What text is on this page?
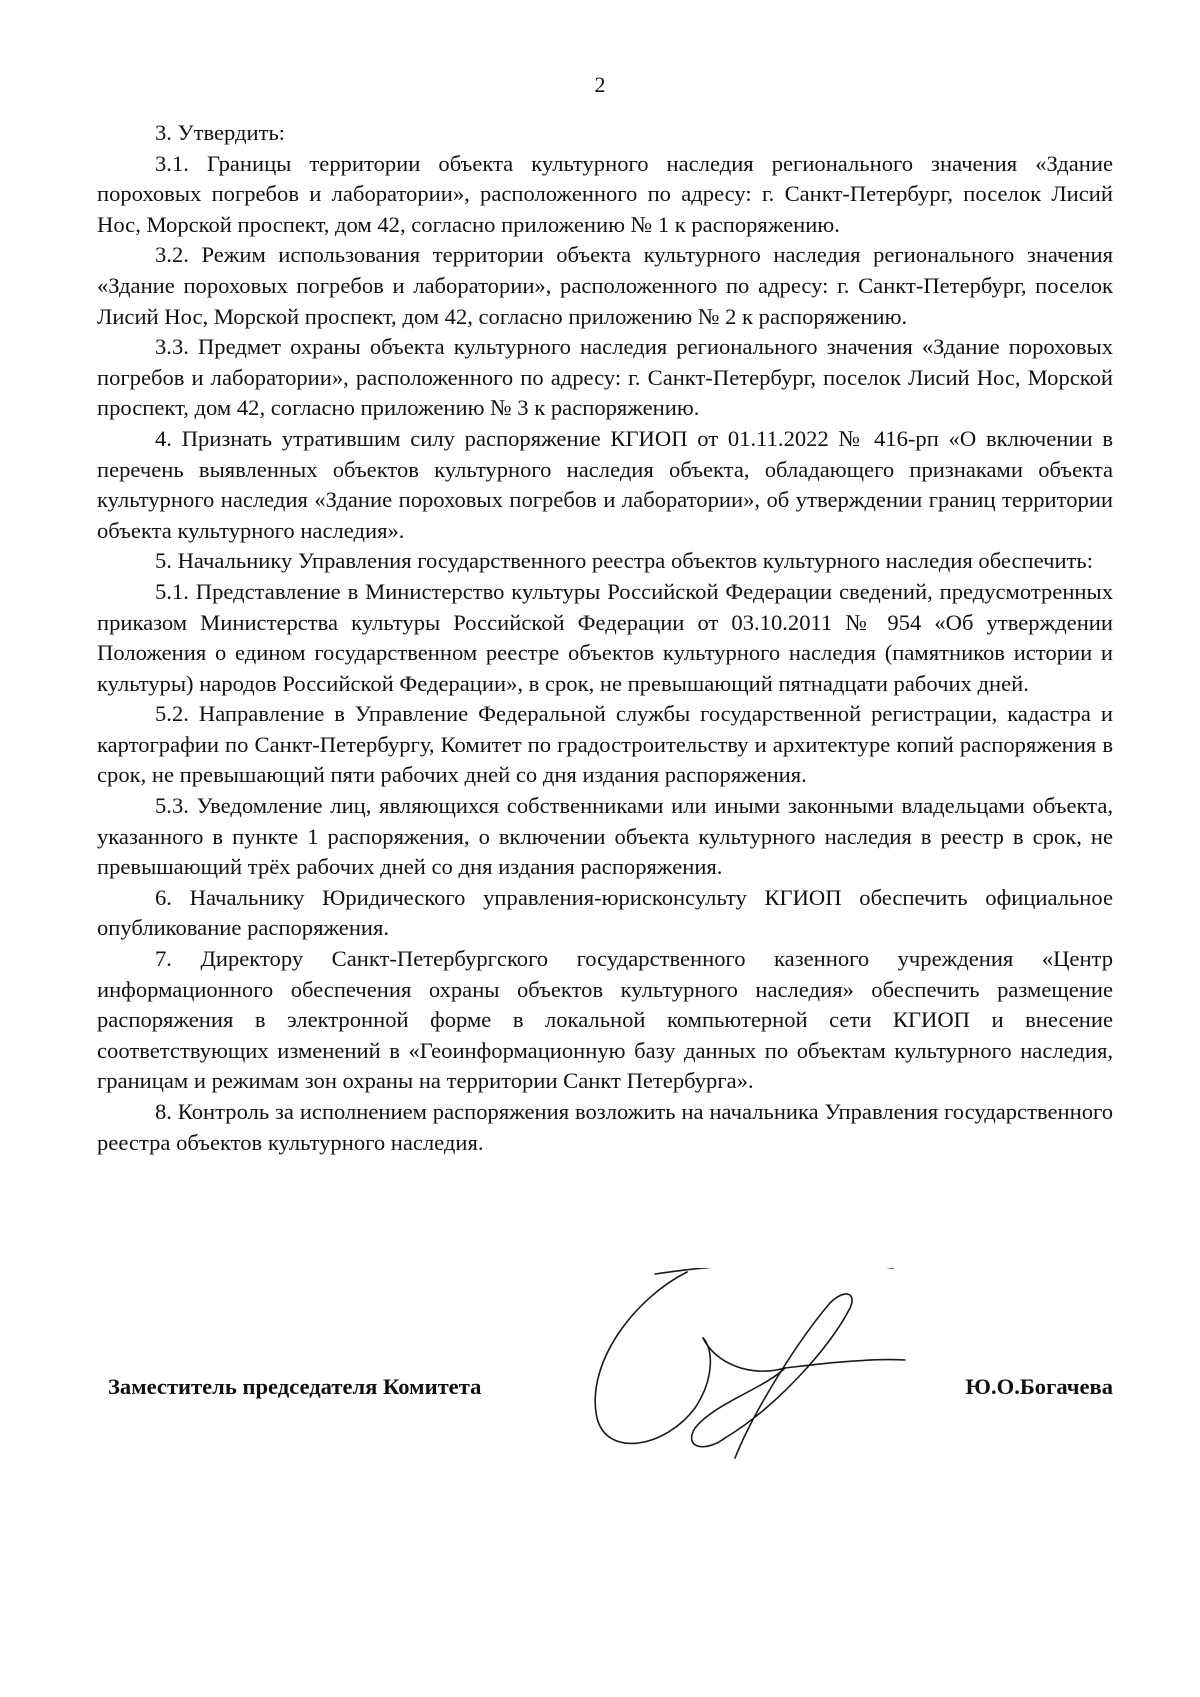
2

3. Утвердить:

3.1. Границы территории объекта культурного наследия регионального значения «Здание пороховых погребов и лаборатории», расположенного по адресу: г. Санкт-Петербург, поселок Лисий Нос, Морской проспект, дом 42, согласно приложению № 1 к распоряжению.

3.2. Режим использования территории объекта культурного наследия регионального значения «Здание пороховых погребов и лаборатории», расположенного по адресу: г. Санкт-Петербург, поселок Лисий Нос, Морской проспект, дом 42, согласно приложению № 2 к распоряжению.

3.3. Предмет охраны объекта культурного наследия регионального значения «Здание пороховых погребов и лаборатории», расположенного по адресу: г. Санкт-Петербург, поселок Лисий Нос, Морской проспект, дом 42, согласно приложению № 3 к распоряжению.

4. Признать утратившим силу распоряжение КГИОП от 01.11.2022 № 416-рп «О включении в перечень выявленных объектов культурного наследия объекта, обладающего признаками объекта культурного наследия «Здание пороховых погребов и лаборатории», об утверждении границ территории объекта культурного наследия».

5. Начальнику Управления государственного реестра объектов культурного наследия обеспечить:

5.1. Представление в Министерство культуры Российской Федерации сведений, предусмотренных приказом Министерства культуры Российской Федерации от 03.10.2011 № 954 «Об утверждении Положения о едином государственном реестре объектов культурного наследия (памятников истории и культуры) народов Российской Федерации», в срок, не превышающий пятнадцати рабочих дней.

5.2. Направление в Управление Федеральной службы государственной регистрации, кадастра и картографии по Санкт-Петербургу, Комитет по градостроительству и архитектуре копий распоряжения в срок, не превышающий пяти рабочих дней со дня издания распоряжения.

5.3. Уведомление лиц, являющихся собственниками или иными законными владельцами объекта, указанного в пункте 1 распоряжения, о включении объекта культурного наследия в реестр в срок, не превышающий трёх рабочих дней со дня издания распоряжения.

6. Начальнику Юридического управления-юрисконсульту КГИОП обеспечить официальное опубликование распоряжения.

7. Директору Санкт-Петербургского государственного казенного учреждения «Центр информационного обеспечения охраны объектов культурного наследия» обеспечить размещение распоряжения в электронной форме в локальной компьютерной сети КГИОП и внесение соответствующих изменений в «Геоинформационную базу данных по объектам культурного наследия, границам и режимам зон охраны на территории Санкт Петербурга».

8. Контроль за исполнением распоряжения возложить на начальника Управления государственного реестра объектов культурного наследия.

Заместитель председателя Комитета	Ю.О.Богачева
